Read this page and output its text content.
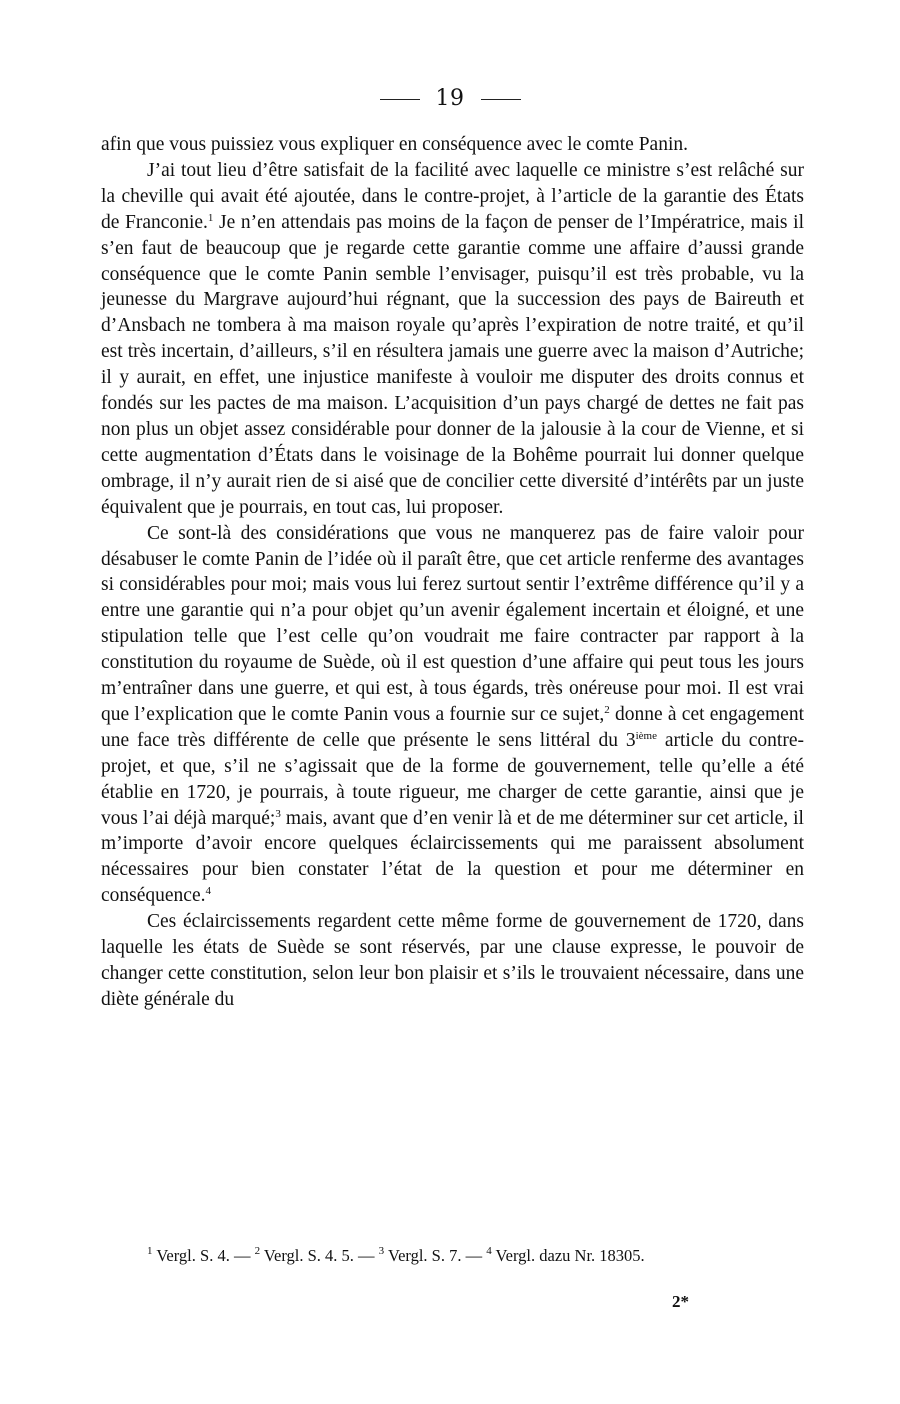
19

afin que vous puissiez vous expliquer en conséquence avec le comte Panin.

J’ai tout lieu d’être satisfait de la facilité avec laquelle ce ministre s’est relâché sur la cheville qui avait été ajoutée, dans le contre-projet, à l’article de la garantie des États de Franconie.$^1$ Je n’en attendais pas moins de la façon de penser de l’Impératrice, mais il s’en faut de beaucoup que je regarde cette garantie comme une affaire d’aussi grande conséquence que le comte Panin semble l’envisager, puisqu’il est très probable, vu la jeunesse du Margrave aujourd’hui régnant, que la succession des pays de Baireuth et d’Ansbach ne tombera à ma maison royale qu’après l’expiration de notre traité, et qu’il est très incertain, d’ailleurs, s’il en résultera jamais une guerre avec la maison d’Autriche; il y aurait, en effet, une injustice manifeste à vouloir me disputer des droits connus et fondés sur les pactes de ma maison. L’acquisition d’un pays chargé de dettes ne fait pas non plus un objet assez considérable pour donner de la jalousie à la cour de Vienne, et si cette augmentation d’États dans le voisinage de la Bohême pourrait lui donner quelque ombrage, il n’y aurait rien de si aisé que de concilier cette diversité d’intérêts par un juste équivalent que je pourrais, en tout cas, lui proposer.

Ce sont-là des considérations que vous ne manquerez pas de faire valoir pour désabuser le comte Panin de l’idée où il paraît être, que cet article renferme des avantages si considérables pour moi; mais vous lui ferez surtout sentir l’extrême différence qu’il y a entre une garantie qui n’a pour objet qu’un avenir également incertain et éloigné, et une stipulation telle que l’est celle qu’on voudrait me faire contracter par rapport à la constitution du royaume de Suède, où il est question d’une affaire qui peut tous les jours m’entraîner dans une guerre, et qui est, à tous égards, très onéreuse pour moi. Il est vrai que l’explication que le comte Panin vous a fournie sur ce sujet,$^2$ donne à cet engagement une face très différente de celle que présente le sens littéral du 3ième article du contre-projet, et que, s’il ne s’agissait que de la forme de gouvernement, telle qu’elle a été établie en 1720, je pourrais, à toute rigueur, me charger de cette garantie, ainsi que je vous l’ai déjà marqué;$^3$ mais, avant que d’en venir là et de me déterminer sur cet article, il m’importe d’avoir encore quelques éclaircissements qui me paraissent absolument nécessaires pour bien constater l’état de la question et pour me déterminer en conséquence.$^4$

Ces éclaircissements regardent cette même forme de gouvernement de 1720, dans laquelle les états de Suède se sont réservés, par une clause expresse, le pouvoir de changer cette constitution, selon leur bon plaisir et s’ils le trouvaient nécessaire, dans une diète générale du

$^1$ Vergl. S. 4. — $^2$ Vergl. S. 4. 5. — $^3$ Vergl. S. 7. — $^4$ Vergl. dazu Nr. 18305.

2*
